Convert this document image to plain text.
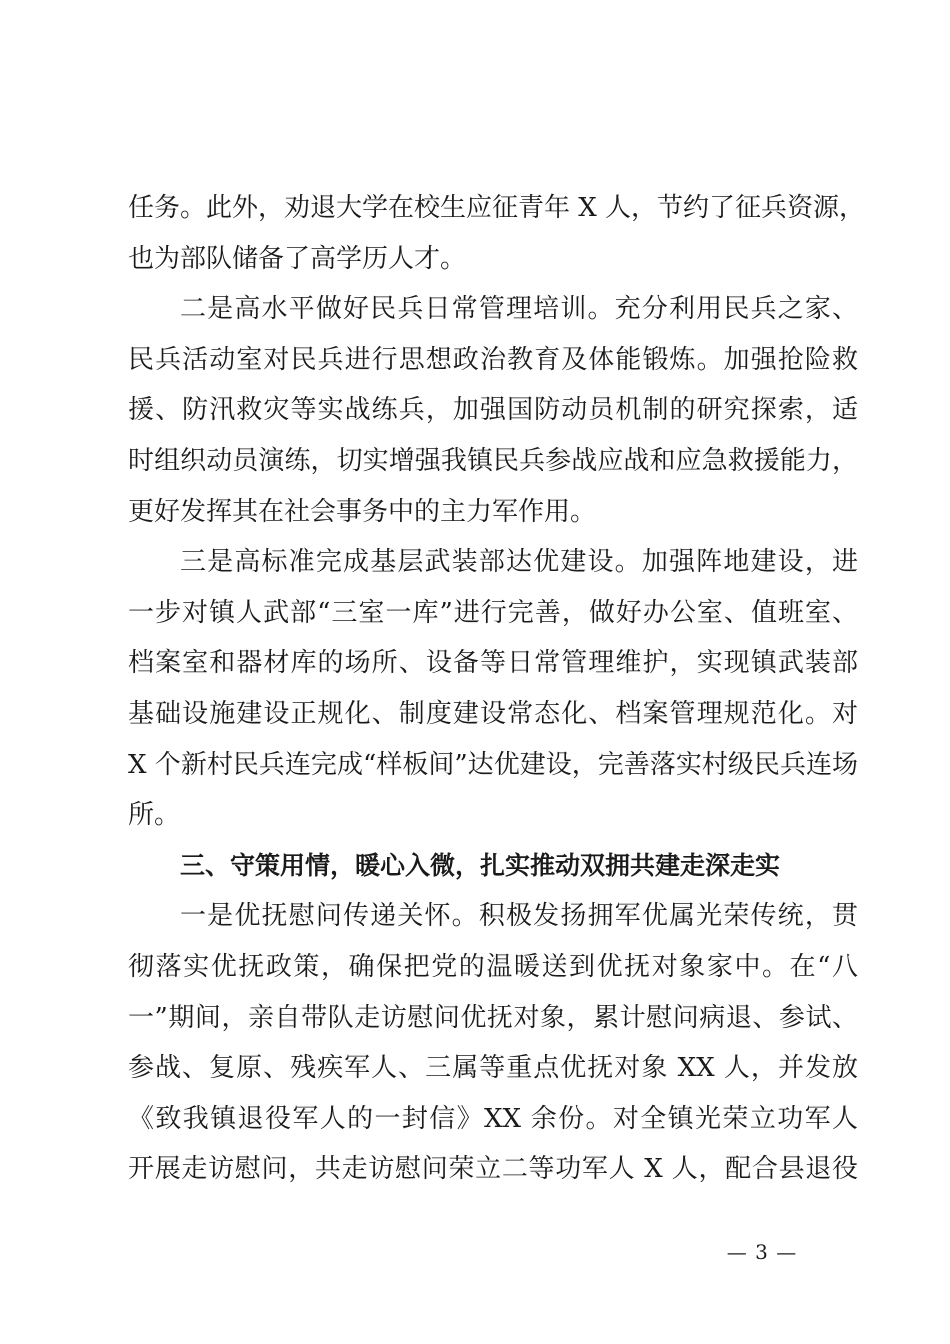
任务。此外，劝退大学在校生应征青年 X 人，节约了征兵资源，
也为部队储备了高学历人才。
二是高水平做好民兵日常管理培训。充分利用民兵之家、
民兵活动室对民兵进行思想政治教育及体能锻炼。加强抢险救
援、防汛救灾等实战练兵，加强国防动员机制的研究探索，适
时组织动员演练，切实增强我镇民兵参战应战和应急救援能力，
更好发挥其在社会事务中的主力军作用。
三是高标准完成基层武装部达优建设。加强阵地建设，进
一步对镇人武部“三室一库”进行完善，做好办公室、值班室、
档案室和器材库的场所、设备等日常管理维护，实现镇武装部
基础设施建设正规化、制度建设常态化、档案管理规范化。对
X 个新村民兵连完成“样板间”达优建设，完善落实村级民兵连场
所。
三、守策用情，暖心入微，扎实推动双拥共建走深走实
一是优抚慰问传递关怀。积极发扬拥军优属光荣传统，贯
彻落实优抚政策，确保把党的温暖送到优抚对象家中。在“八
一”期间，亲自带队走访慰问优抚对象，累计慰问病退、参试、
参战、复原、残疾军人、三属等重点优抚对象 XX 人，并发放
《致我镇退役军人的一封信》XX 余份。对全镇光荣立功军人
开展走访慰问，共走访慰问荣立二等功军人 X 人，配合县退役
— 3 —
